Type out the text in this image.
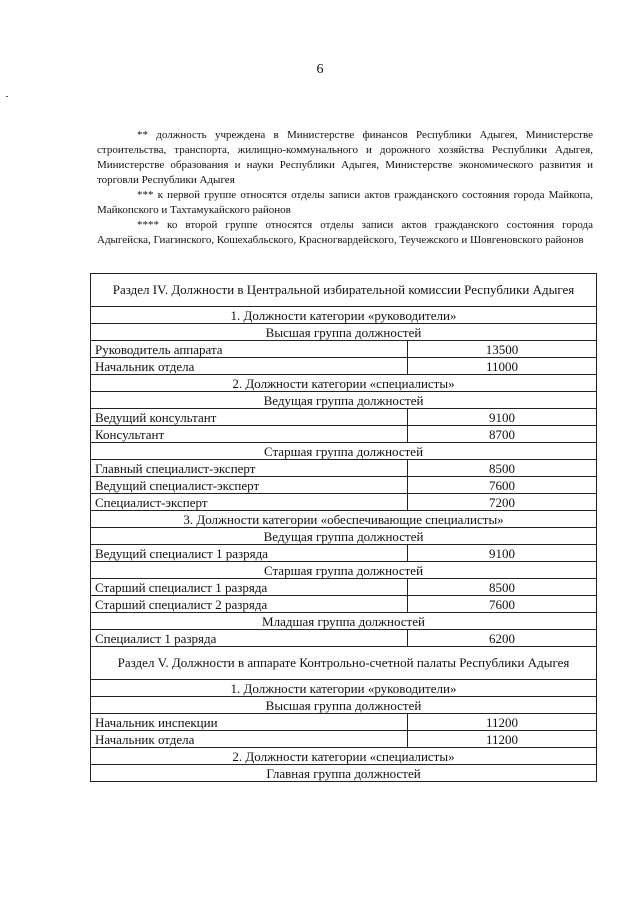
6

** должность учреждена в Министерстве финансов Республики Адыгея, Министерстве строительства, транспорта, жилищно-коммунального и дорожного хозяйства Республики Адыгея, Министерстве образования и науки Республики Адыгея, Министерстве экономического развития и торговли Республики Адыгея

*** к первой группе относятся отделы записи актов гражданского состояния города Майкопа, Майкопского и Тахтамукайского районов

**** ко второй группе относятся отделы записи актов гражданского состояния города Адыгейска, Гиагинского, Кошехабльского, Красногвардейского, Теучежского и Шовгеновского районов

Раздел IV. Должности в Центральной избирательной комиссии Республики Адыгея	
1. Должности категории «руководители»	
Высшая группа должностей	
Руководитель аппарата	13500
Начальник отдела	11000
2. Должности категории «специалисты»	
Ведущая группа должностей	
Ведущий консультант	9100
Консультант	8700
Старшая группа должностей	
Главный специалист-эксперт	8500
Ведущий специалист-эксперт	7600
Специалист-эксперт	7200
3. Должности категории «обеспечивающие специалисты»	
Ведущая группа должностей	
Ведущий специалист 1 разряда	9100
Старшая группа должностей	
Старший специалист 1 разряда	8500
Старший специалист 2 разряда	7600
Младшая группа должностей	
Специалист 1 разряда	6200
Раздел V. Должности в аппарате Контрольно-счетной палаты Республики Адыгея	
1. Должности категории «руководители»	
Высшая группа должностей	
Начальник инспекции	11200
Начальник отдела	11200
2. Должности категории «специалисты»	
Главная группа должностей	
